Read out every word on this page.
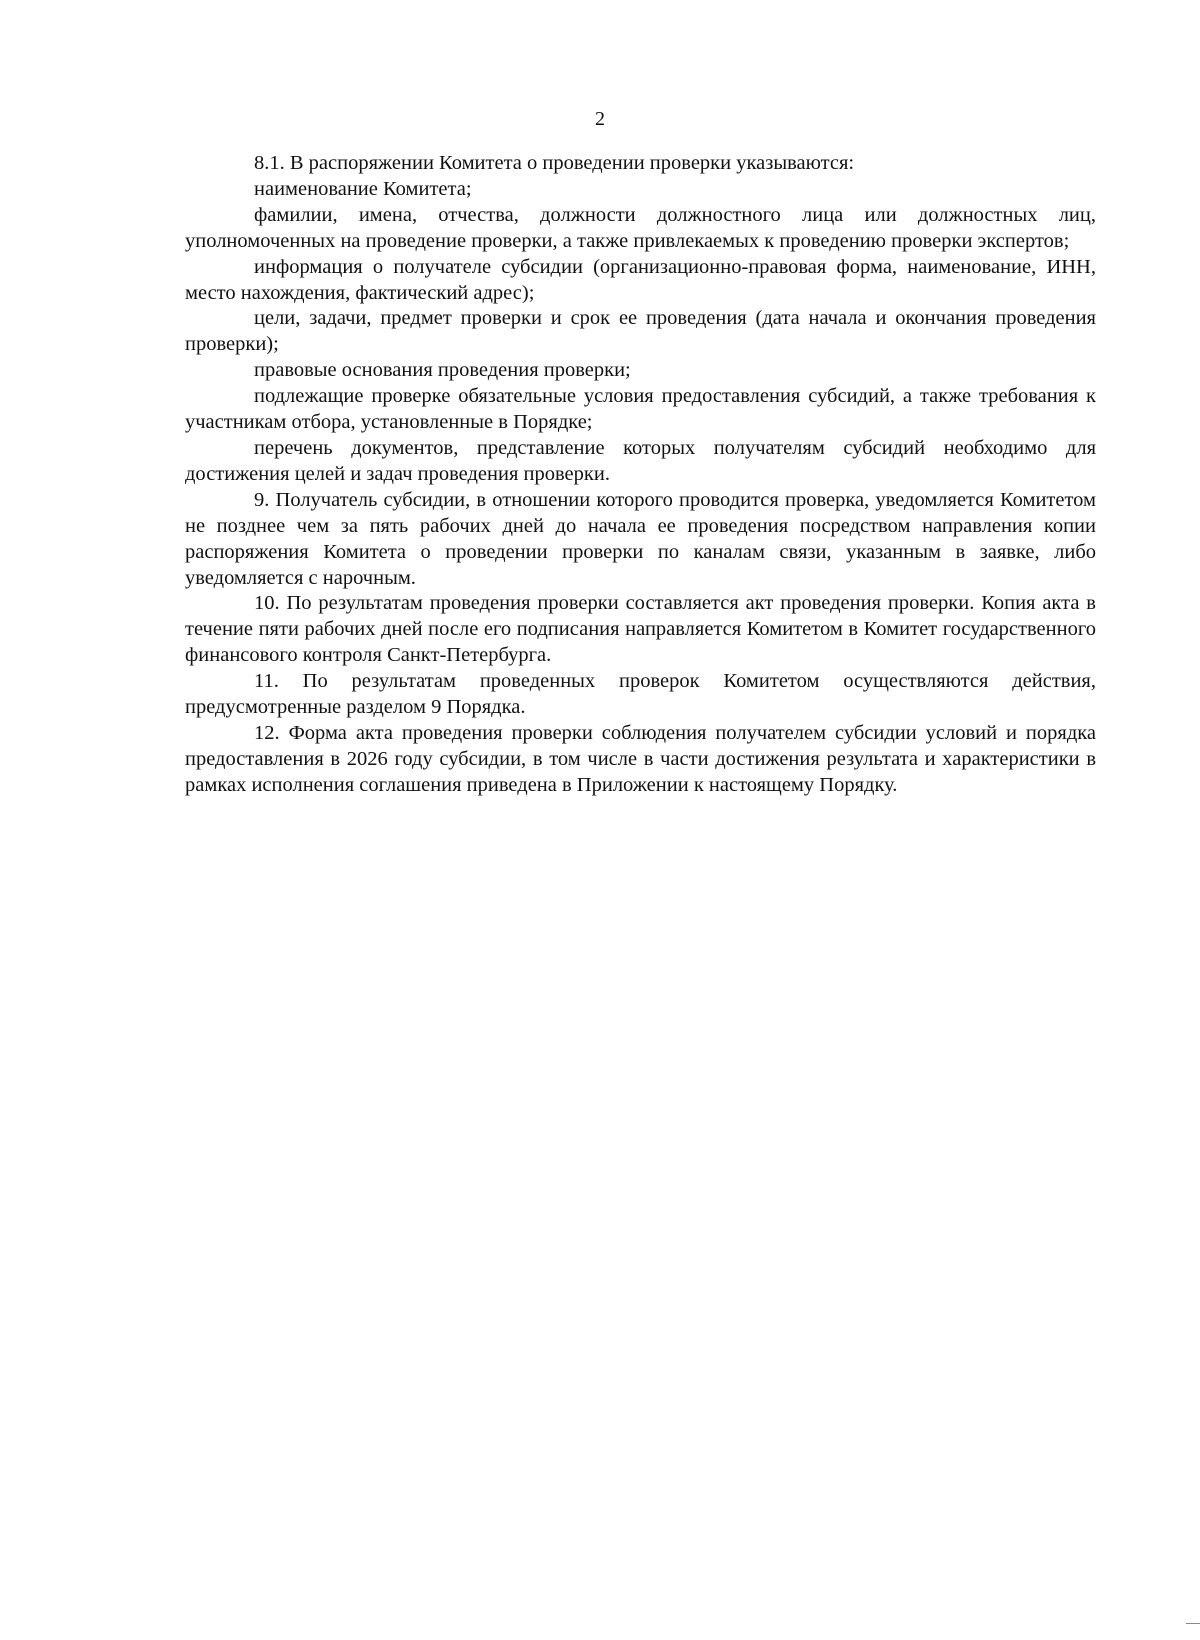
2

8.1. В распоряжении Комитета о проведении проверки указываются:

наименование Комитета;

фамилии, имена, отчества, должности должностного лица или должностных лиц, уполномоченных на проведение проверки, а также привлекаемых к проведению проверки экспертов;

информация о получателе субсидии (организационно-правовая форма, наименование, ИНН, место нахождения, фактический адрес);

цели, задачи, предмет проверки и срок ее проведения (дата начала и окончания проведения проверки);

правовые основания проведения проверки;

подлежащие проверке обязательные условия предоставления субсидий, а также требования к участникам отбора, установленные в Порядке;

перечень документов, представление которых получателям субсидий необходимо для достижения целей и задач проведения проверки.

9. Получатель субсидии, в отношении которого проводится проверка, уведомляется Комитетом не позднее чем за пять рабочих дней до начала ее проведения посредством направления копии распоряжения Комитета о проведении проверки по каналам связи, указанным в заявке, либо уведомляется с нарочным.

10. По результатам проведения проверки составляется акт проведения проверки. Копия акта в течение пяти рабочих дней после его подписания направляется Комитетом в Комитет государственного финансового контроля Санкт-Петербурга.

11. По результатам проведенных проверок Комитетом осуществляются действия, предусмотренные разделом 9 Порядка.

12. Форма акта проведения проверки соблюдения получателем субсидии условий и порядка предоставления в 2026 году субсидии, в том числе в части достижения результата и характеристики в рамках исполнения соглашения приведена в Приложении к настоящему Порядку.
